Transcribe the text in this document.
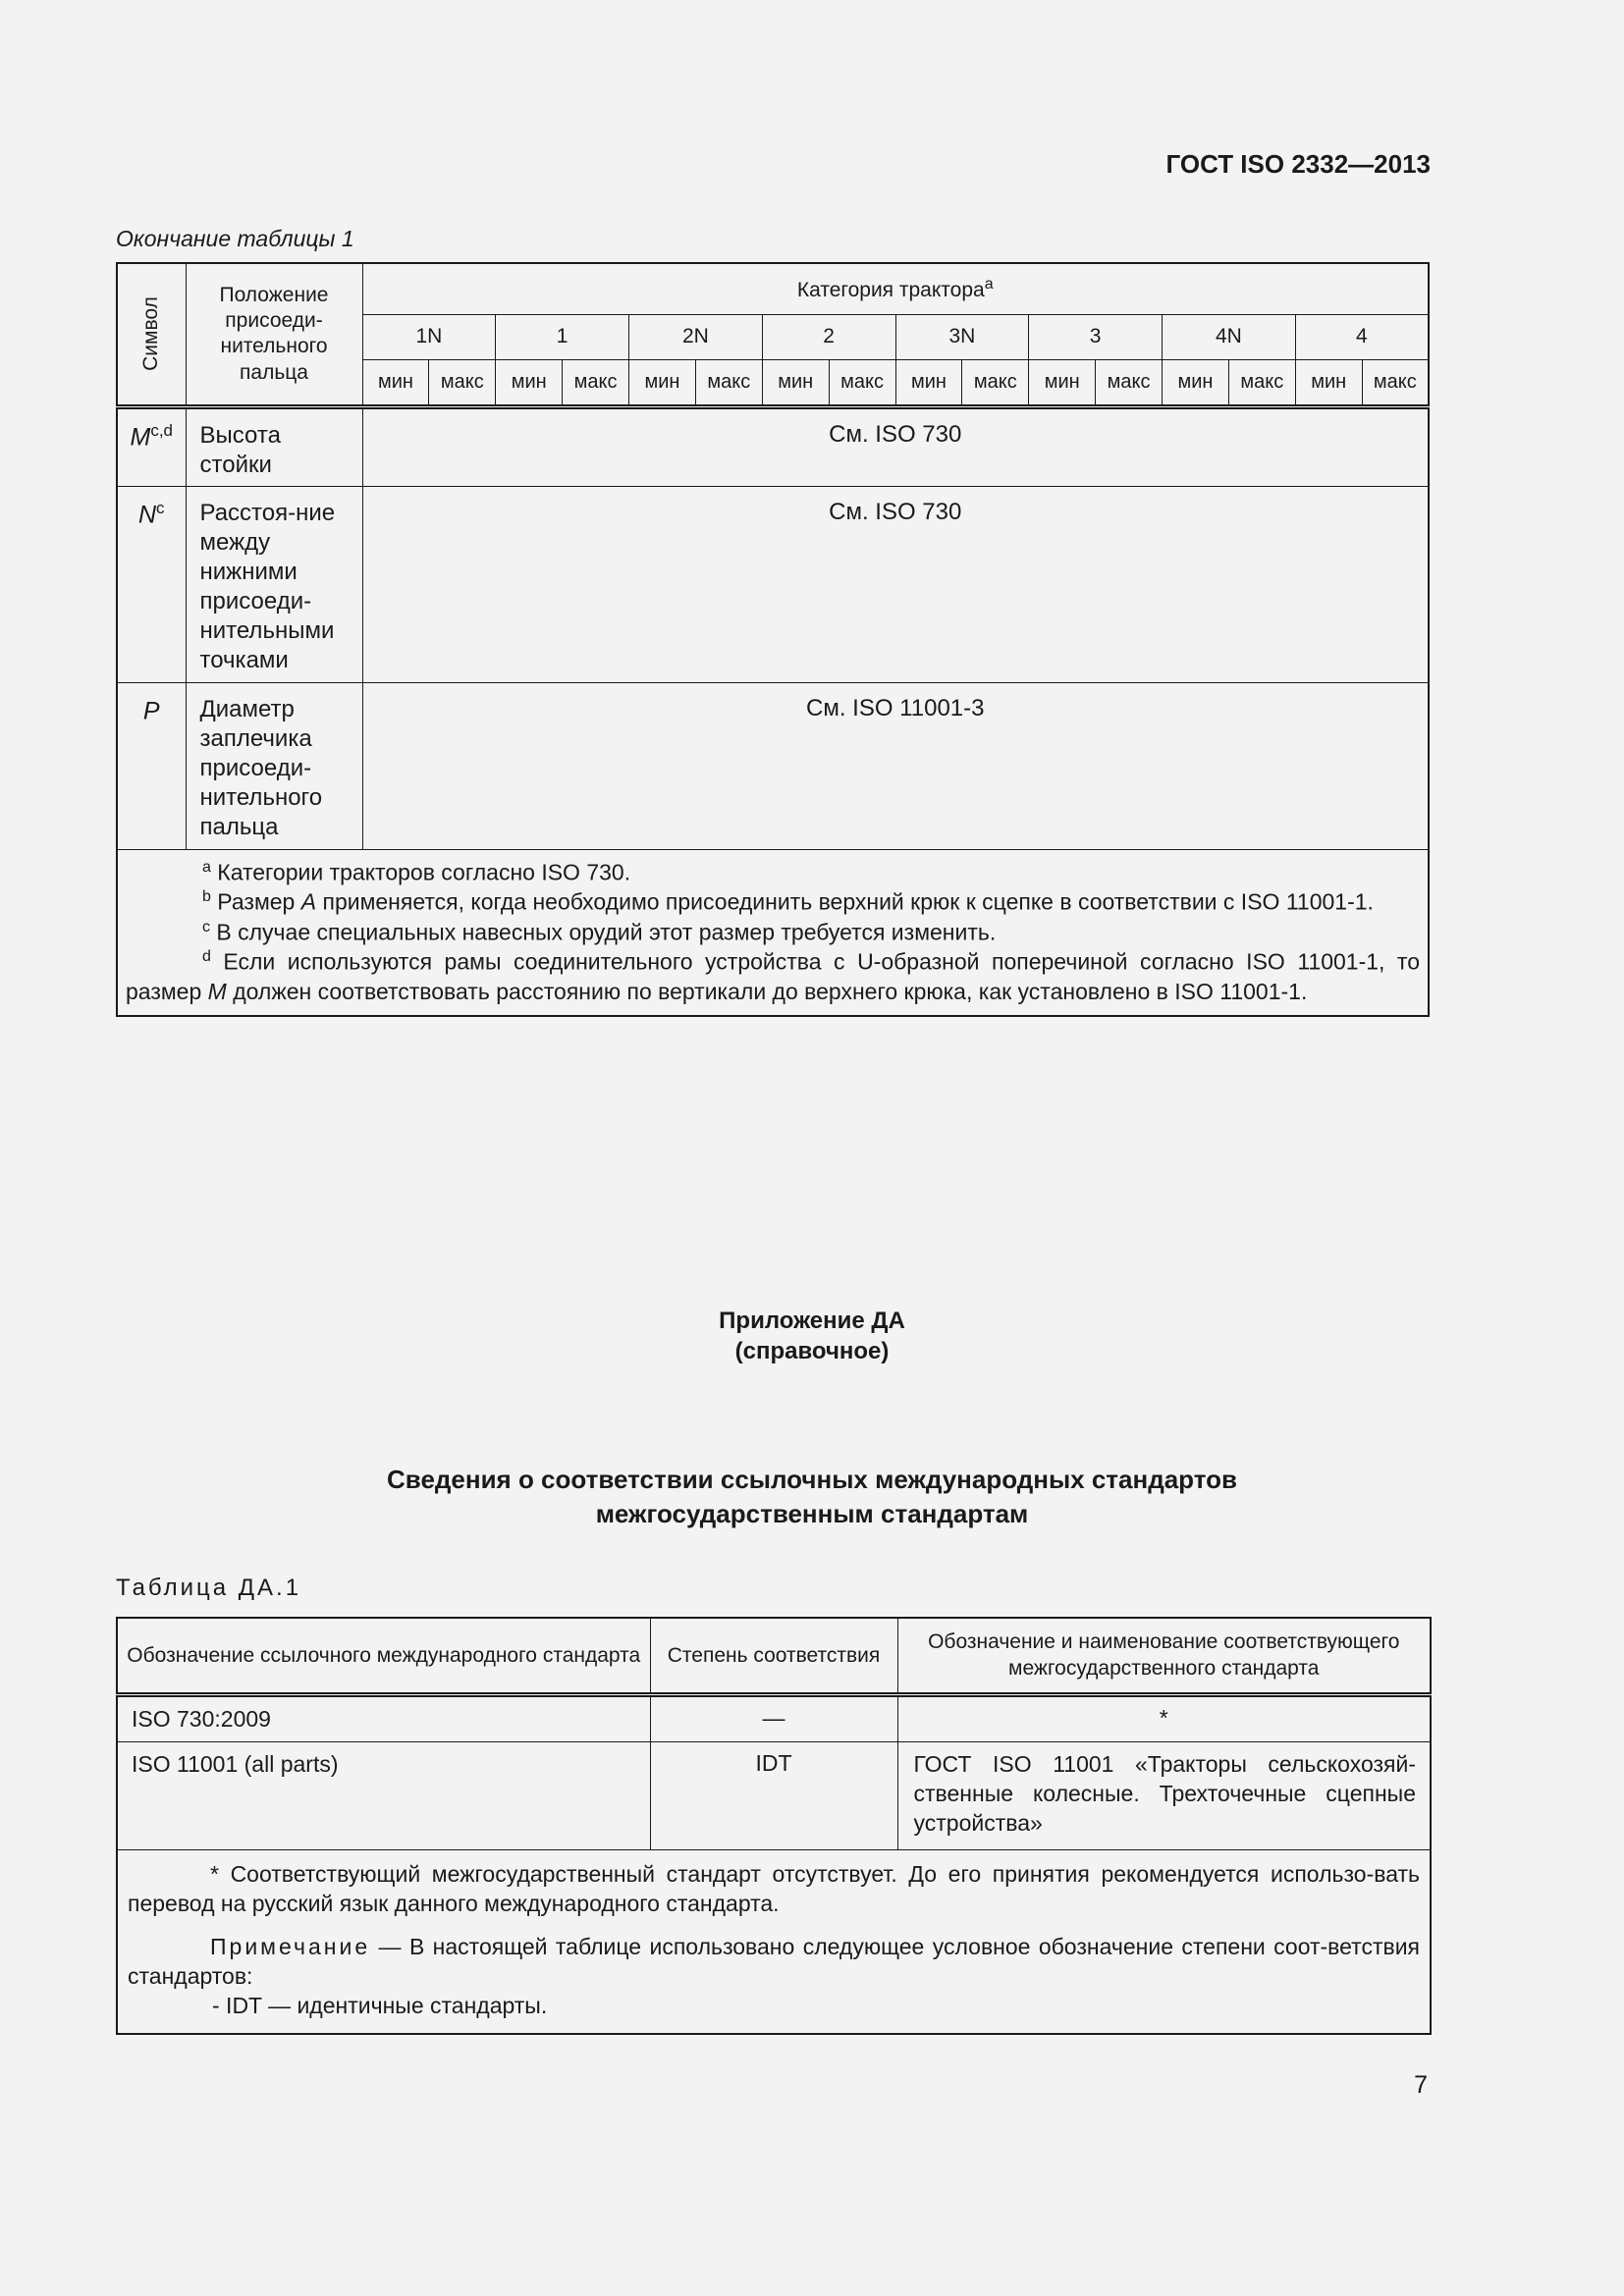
ГОСТ ISO 2332—2013
Окончание таблицы 1
Символ	Положение присоеди-нительного пальца	Категория трактора$^a$
		1N		1		2N		2		3N		3		4N		4	
		мин	макс	мин	макс	мин	макс	мин	макс	мин	макс	мин	макс	мин	макс	мин	макс
M$^{c,d}$	Высота стойки	См. ISO 730															
$N^c$	Расстоя-ние между нижними присоеди-нительными точками	См. ISO 730															
P	Диаметр заплечика присоеди-нительного пальца	См. ISO 11001-3															

$^a$ Категории тракторов согласно ISO 730.

$^b$ Размер A применяется, когда необходимо присоединить верхний крюк к сцепке в соответствии с ISO 11001-1.

$^c$ В случае специальных навесных орудий этот размер требуется изменить.

$^d$ Если используются рамы соединительного устройства с U-образной поперечиной согласно ISO 11001-1, то размер M должен соответствовать расстоянию по вертикали до верхнего крюка, как установлено в ISO 11001-1.																	

Приложение ДА
(справочное)
Сведения о соответствии ссылочных международных стандартов
межгосударственным стандартам
Таблица ДА.1
Обозначение ссылочного международного стандарта	Степень соответствия	Обозначение и наименование соответствующего межгосударственного стандарта
ISO 730:2009	—	*
ISO 11001 (all parts)	IDT	ГОСТ ISO 11001 «Тракторы сельскохозяй-ственные колесные. Трехточечные сцепные устройства»

* Соответствующий межгосударственный стандарт отсутствует. До его принятия рекомендуется использо-вать перевод на русский язык данного международного стандарта.

Примечание — В настоящей таблице использовано следующее условное обозначение степени соот-ветствия стандартов:

- IDT — идентичные стандарты.		

7
